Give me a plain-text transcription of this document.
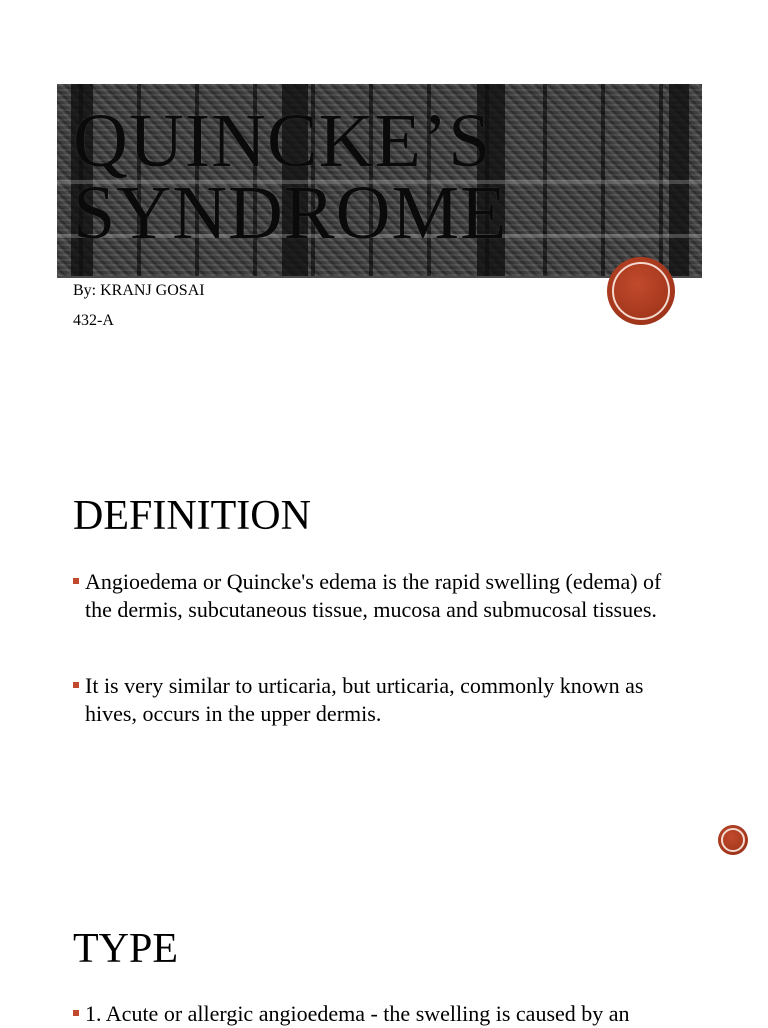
QUINCKE’S
SYNDROME
By: KRANJ GOSAI
432-A
DEFINITION
Angioedema or Quincke's edema is the rapid swelling (edema) of the dermis, subcutaneous tissue, mucosa and submucosal tissues.
It is very similar to urticaria, but urticaria, commonly known as hives, occurs in the upper dermis.
TYPE
1. Acute or allergic angioedema - the swelling is caused by an
